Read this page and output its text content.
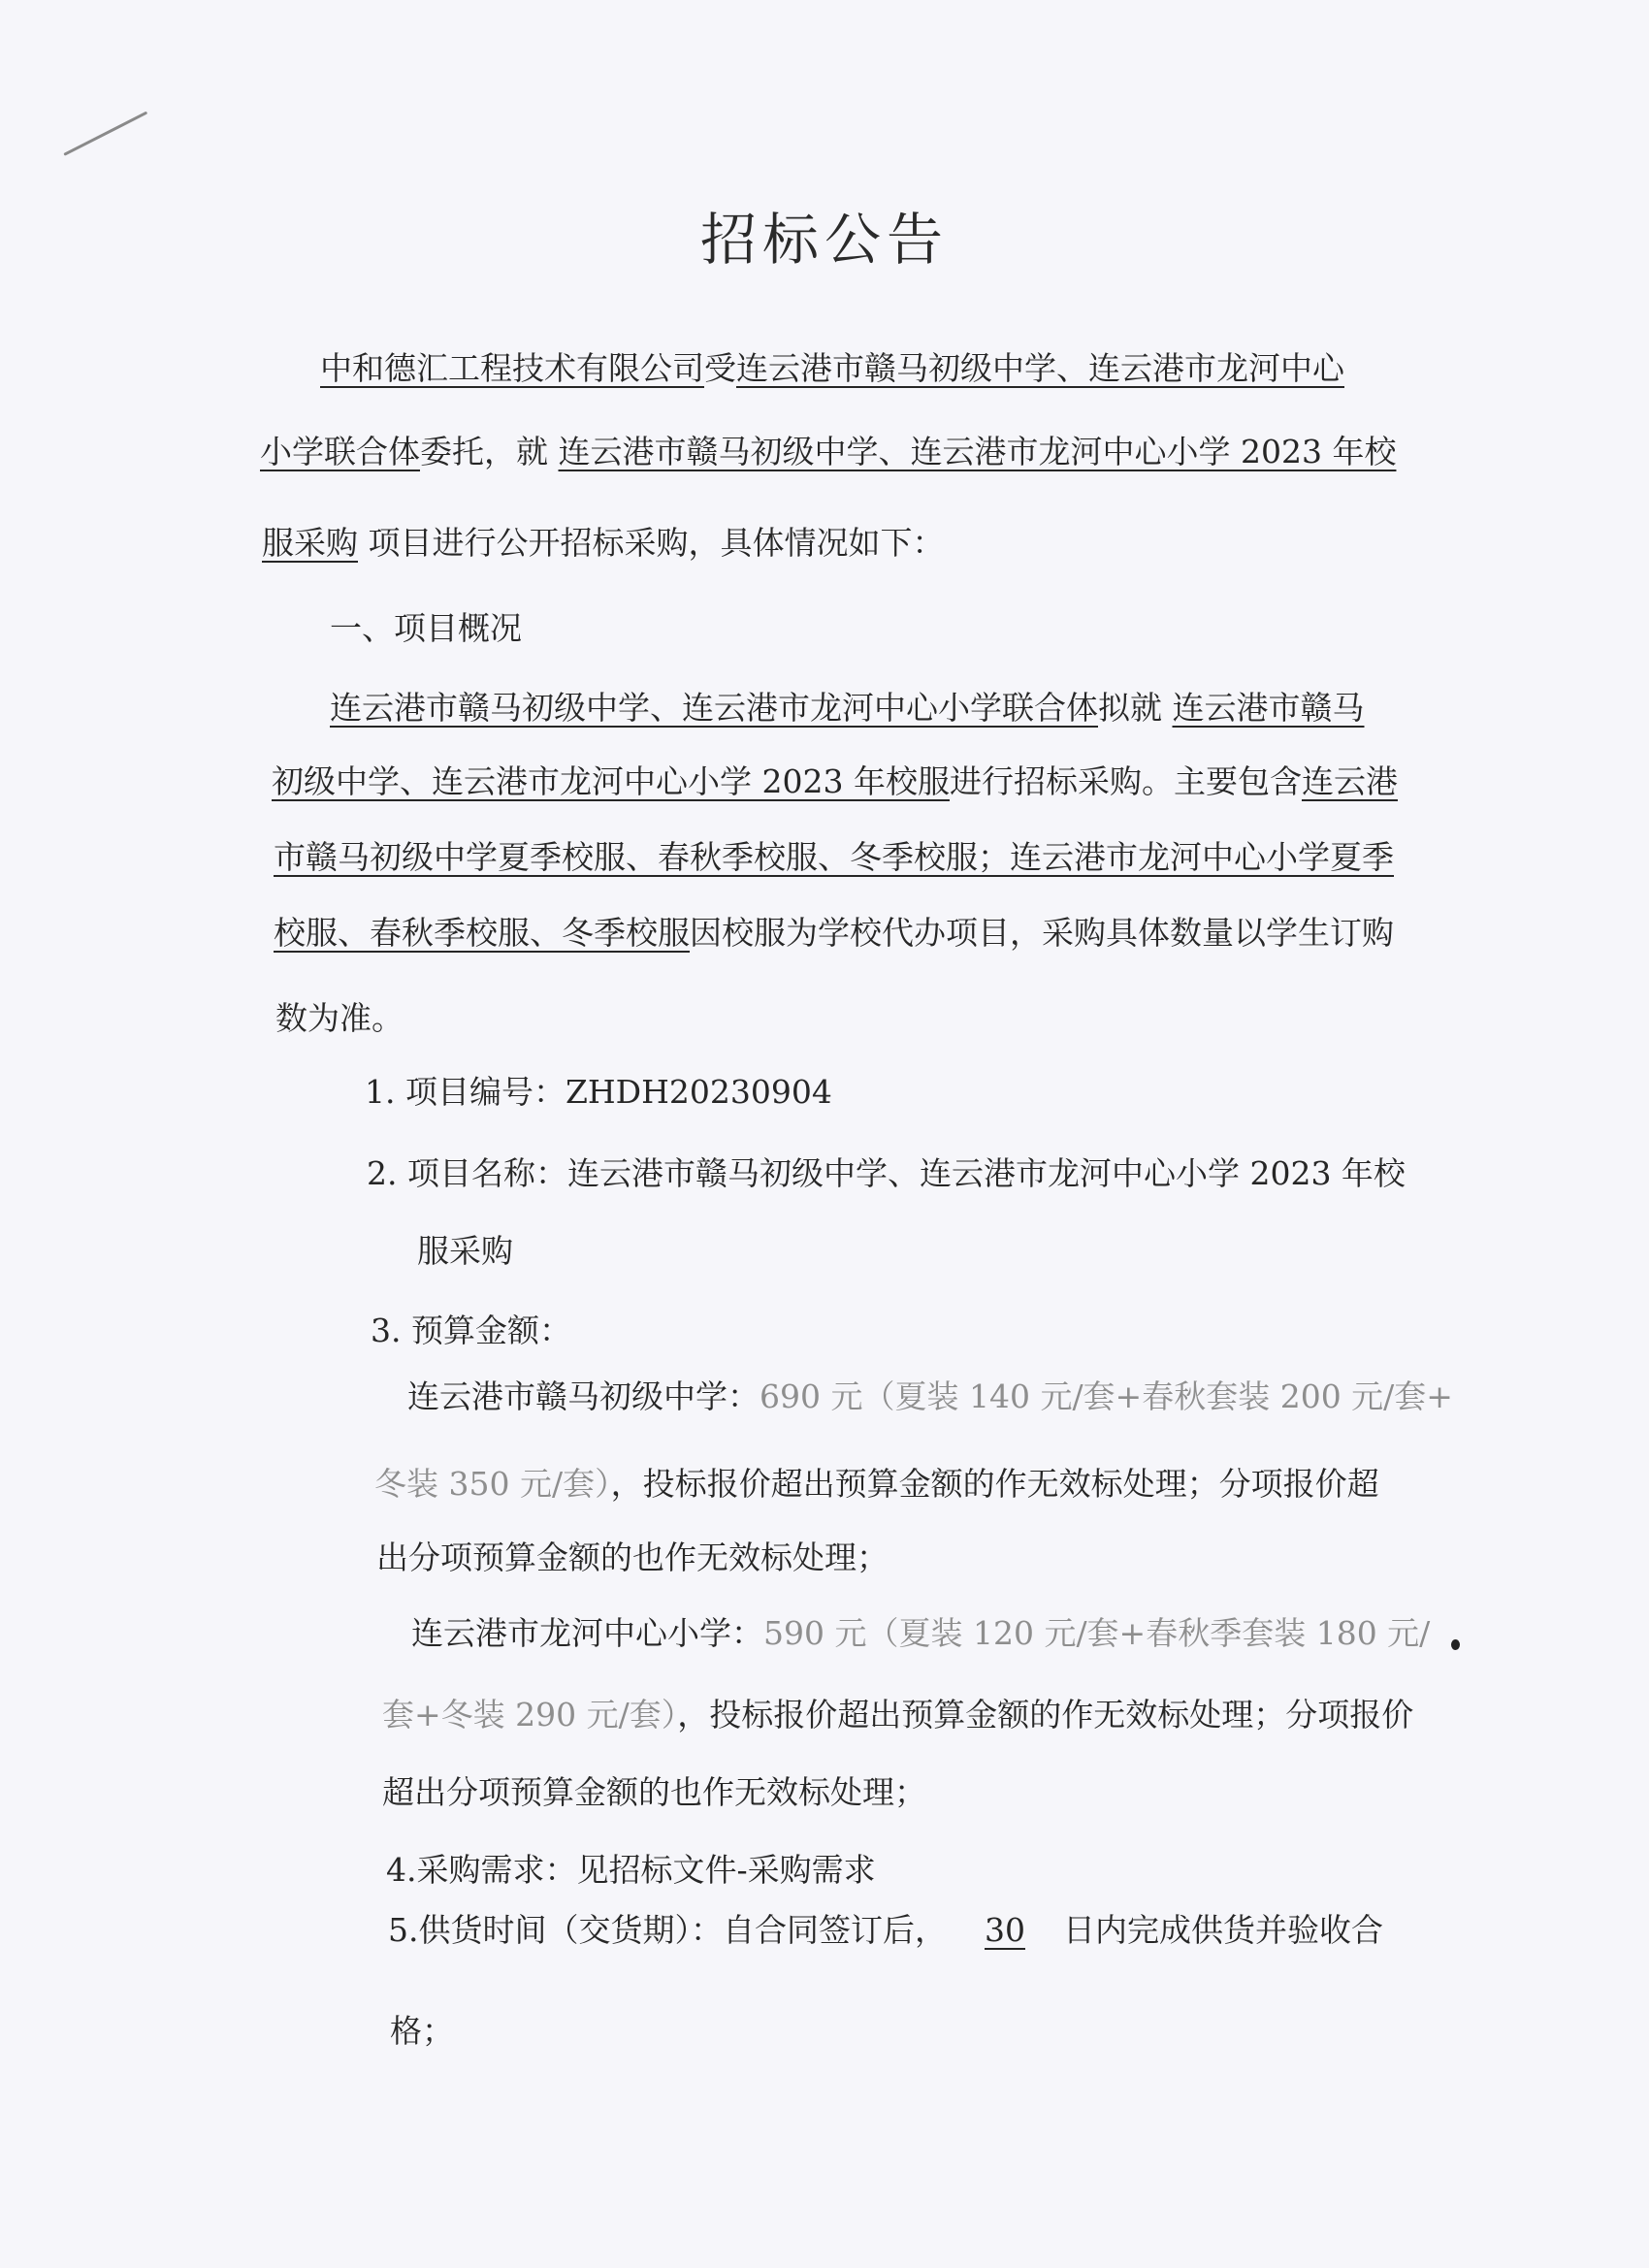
招标公告
中和德汇工程技术有限公司受连云港市赣马初级中学、连云港市龙河中心
小学联合体委托，就 连云港市赣马初级中学、连云港市龙河中心小学 2023 年校
服采购 项目进行公开招标采购，具体情况如下：
一、项目概况
连云港市赣马初级中学、连云港市龙河中心小学联合体拟就 连云港市赣马
初级中学、连云港市龙河中心小学 2023 年校服进行招标采购。主要包含连云港
市赣马初级中学夏季校服、春秋季校服、冬季校服；连云港市龙河中心小学夏季
校服、春秋季校服、冬季校服因校服为学校代办项目，采购具体数量以学生订购
数为准。
1. 项目编号：ZHDH20230904
2. 项目名称：连云港市赣马初级中学、连云港市龙河中心小学 2023 年校
服采购
3. 预算金额：
连云港市赣马初级中学：690 元（夏装 140 元/套+春秋套装 200 元/套+
冬装 350 元/套），投标报价超出预算金额的作无效标处理；分项报价超
出分项预算金额的也作无效标处理；
连云港市龙河中心小学：590 元（夏装 120 元/套+春秋季套装 180 元/
套+冬装 290 元/套），投标报价超出预算金额的作无效标处理；分项报价
超出分项预算金额的也作无效标处理；
4.采购需求：见招标文件-采购需求
5.供货时间（交货期）：自合同签订后， 30 日内完成供货并验收合
格；
